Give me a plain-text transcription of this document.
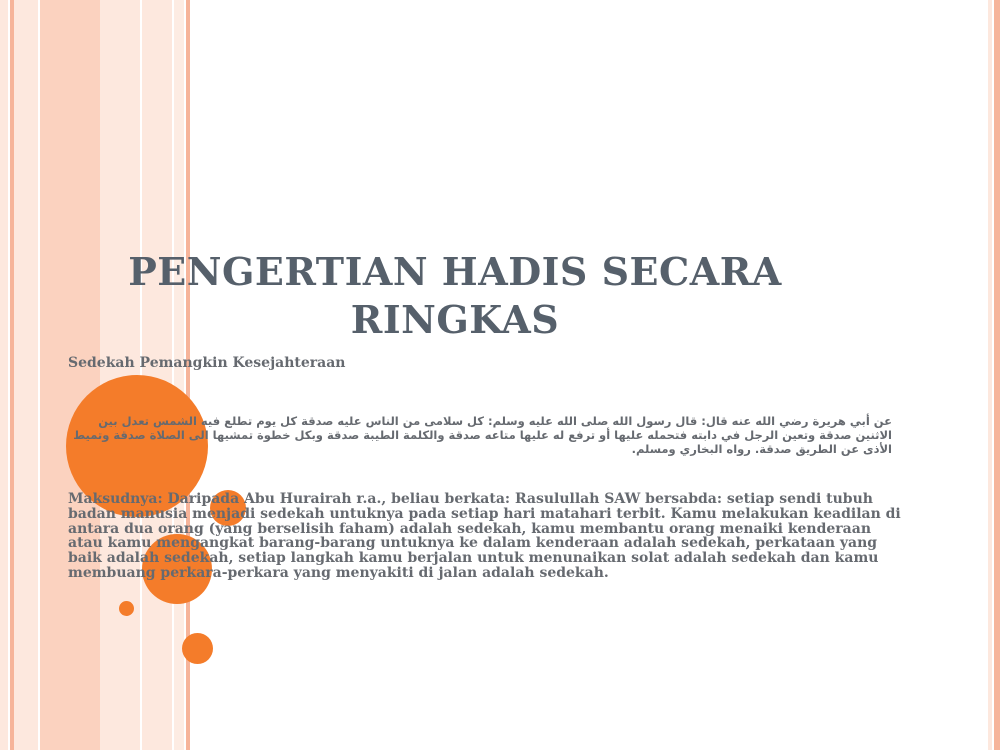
PENGERTIAN HADIS SECARA
RINGKAS
Sedekah Pemangkin Kesejahteraan
عن أبي هريرة رضي الله عنه قال: قال رسول الله صلى الله عليه وسلم: كل سلامى من الناس عليه صدقة كل يوم تطلع فيه الشمس تعدل بين الاثنين صدقة وتعين الرجل في دابته فتحمله عليها أو ترفع له عليها متاعه صدقة والكلمة الطيبة صدقة وبكل خطوة تمشيها الى الصلاة صدقة وتميط الأذى عن الطريق صدقة. رواه البخاري ومسلم.
Maksudnya: Daripada Abu Hurairah r.a., beliau berkata: Rasulullah SAW bersabda: setiap sendi tubuh badan manusia menjadi sedekah untuknya pada setiap hari matahari terbit. Kamu melakukan keadilan di antara dua orang (yang berselisih faham) adalah sedekah, kamu membantu orang menaiki kenderaan atau kamu mengangkat barang-barang untuknya ke dalam kenderaan adalah sedekah, perkataan yang baik adalah sedekah, setiap langkah kamu berjalan untuk menunaikan solat adalah sedekah dan kamu membuang perkara-perkara yang menyakiti di jalan adalah sedekah.
